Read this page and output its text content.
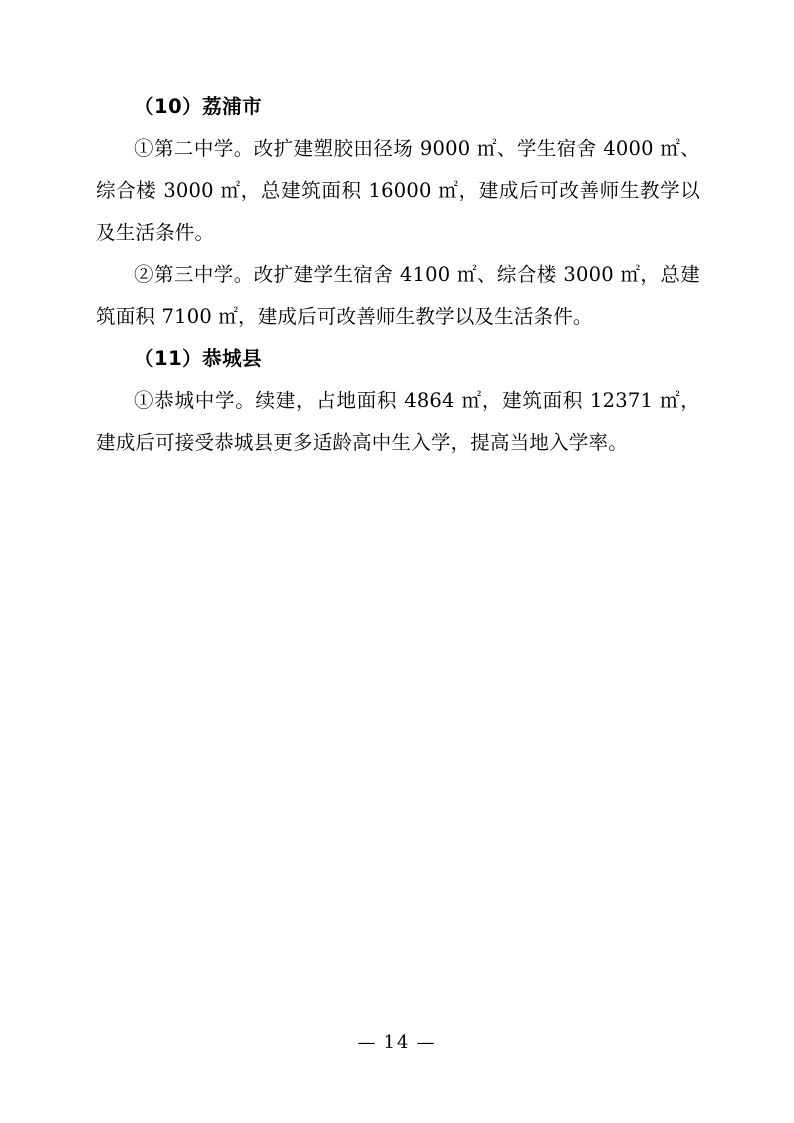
（10）荔浦市

①第二中学。改扩建塑胶田径场 9000 ㎡、学生宿舍 4000 ㎡、综合楼 3000 ㎡，总建筑面积 16000 ㎡，建成后可改善师生教学以及生活条件。

②第三中学。改扩建学生宿舍 4100 ㎡、综合楼 3000 ㎡，总建筑面积 7100 ㎡，建成后可改善师生教学以及生活条件。

（11）恭城县

①恭城中学。续建，占地面积 4864 ㎡，建筑面积 12371 ㎡，建成后可接受恭城县更多适龄高中生入学，提高当地入学率。

— 14 —
